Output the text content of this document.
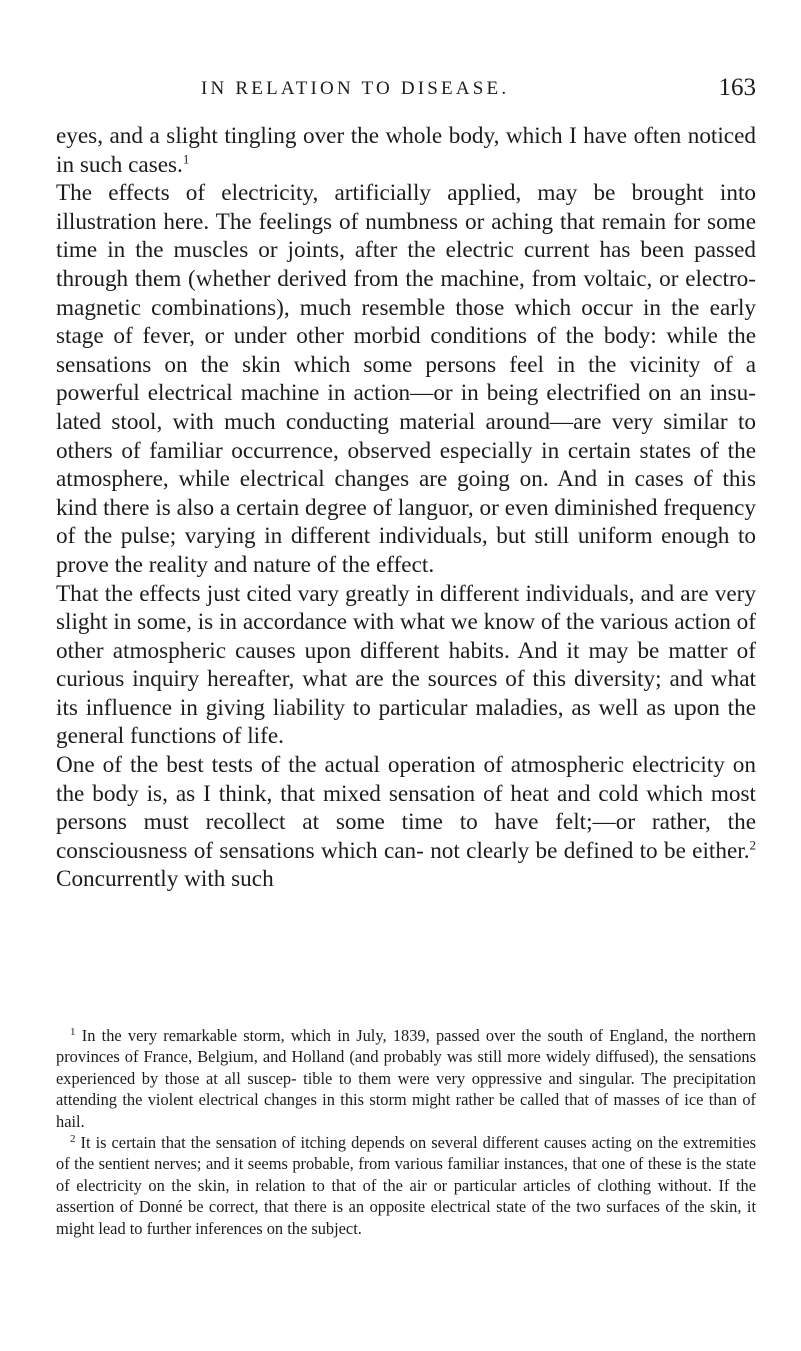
IN RELATION TO DISEASE.	163

eyes, and a slight tingling over the whole body, which I have often noticed in such cases.$^1$

The effects of electricity, artificially applied, may be brought into illustration here. The feelings of numbness or aching that remain for some time in the muscles or joints, after the electric current has been passed through them (whether derived from the machine, from voltaic, or electro-magnetic combinations), much resemble those which occur in the early stage of fever, or under other morbid conditions of the body: while the sensations on the skin which some persons feel in the vicinity of a powerful electrical machine in action—or in being electrified on an insu- lated stool, with much conducting material around—are very similar to others of familiar occurrence, observed especially in certain states of the atmosphere, while electrical changes are going on. And in cases of this kind there is also a certain degree of languor, or even diminished frequency of the pulse; varying in different individuals, but still uniform enough to prove the reality and nature of the effect.

That the effects just cited vary greatly in different individuals, and are very slight in some, is in accordance with what we know of the various action of other atmospheric causes upon different habits. And it may be matter of curious inquiry hereafter, what are the sources of this diversity; and what its influence in giving liability to particular maladies, as well as upon the general functions of life.

One of the best tests of the actual operation of atmospheric electricity on the body is, as I think, that mixed sensation of heat and cold which most persons must recollect at some time to have felt;—or rather, the consciousness of sensations which can- not clearly be defined to be either.$^2$ Concurrently with such

$^1$ In the very remarkable storm, which in July, 1839, passed over the south of England, the northern provinces of France, Belgium, and Holland (and probably was still more widely diffused), the sensations experienced by those at all suscep- tible to them were very oppressive and singular. The precipitation attending the violent electrical changes in this storm might rather be called that of masses of ice than of hail.

$^2$ It is certain that the sensation of itching depends on several different causes acting on the extremities of the sentient nerves; and it seems probable, from various familiar instances, that one of these is the state of electricity on the skin, in relation to that of the air or particular articles of clothing without. If the assertion of Donné be correct, that there is an opposite electrical state of the two surfaces of the skin, it might lead to further inferences on the subject.
